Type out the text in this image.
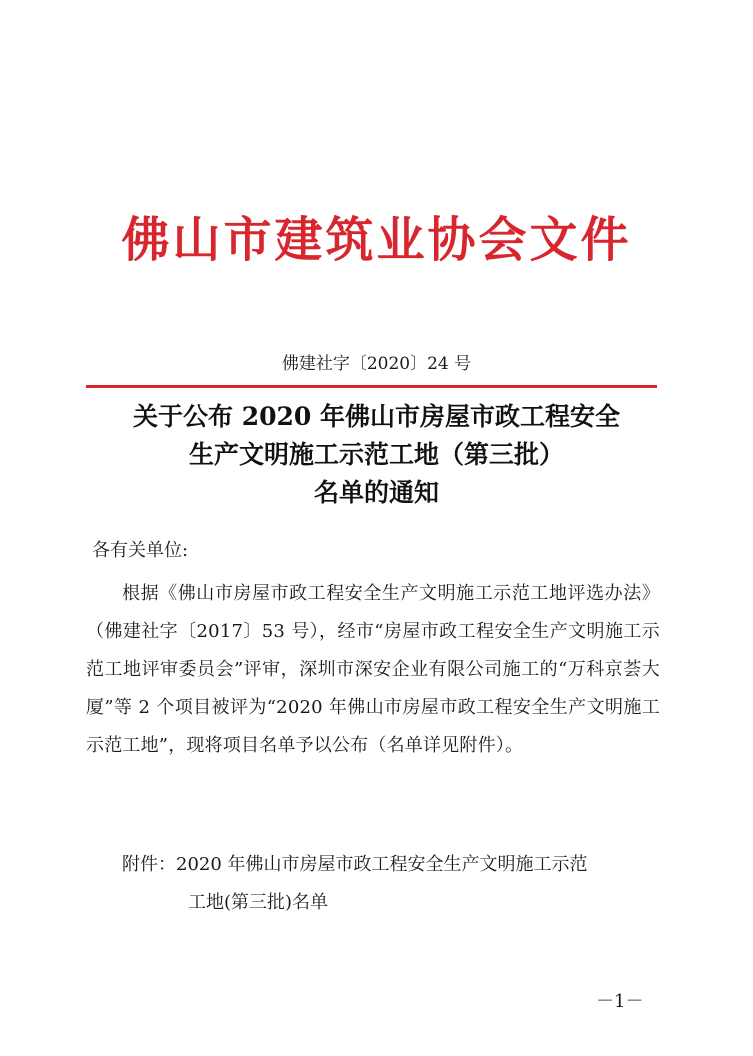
佛山市建筑业协会文件
佛建社字〔2020〕24 号
关于公布 2020 年佛山市房屋市政工程安全
生产文明施工示范工地（第三批）
名单的通知
各有关单位:
根据《佛山市房屋市政工程安全生产文明施工示范工地评选办法》（佛建社字〔2017〕53 号），经市“房屋市政工程安全生产文明施工示范工地评审委员会”评审，深圳市深安企业有限公司施工的“万科京荟大厦”等 2 个项目被评为“2020 年佛山市房屋市政工程安全生产文明施工示范工地”，现将项目名单予以公布（名单详见附件）。
附件：2020 年佛山市房屋市政工程安全生产文明施工示范
工地(第三批)名单
－1－
